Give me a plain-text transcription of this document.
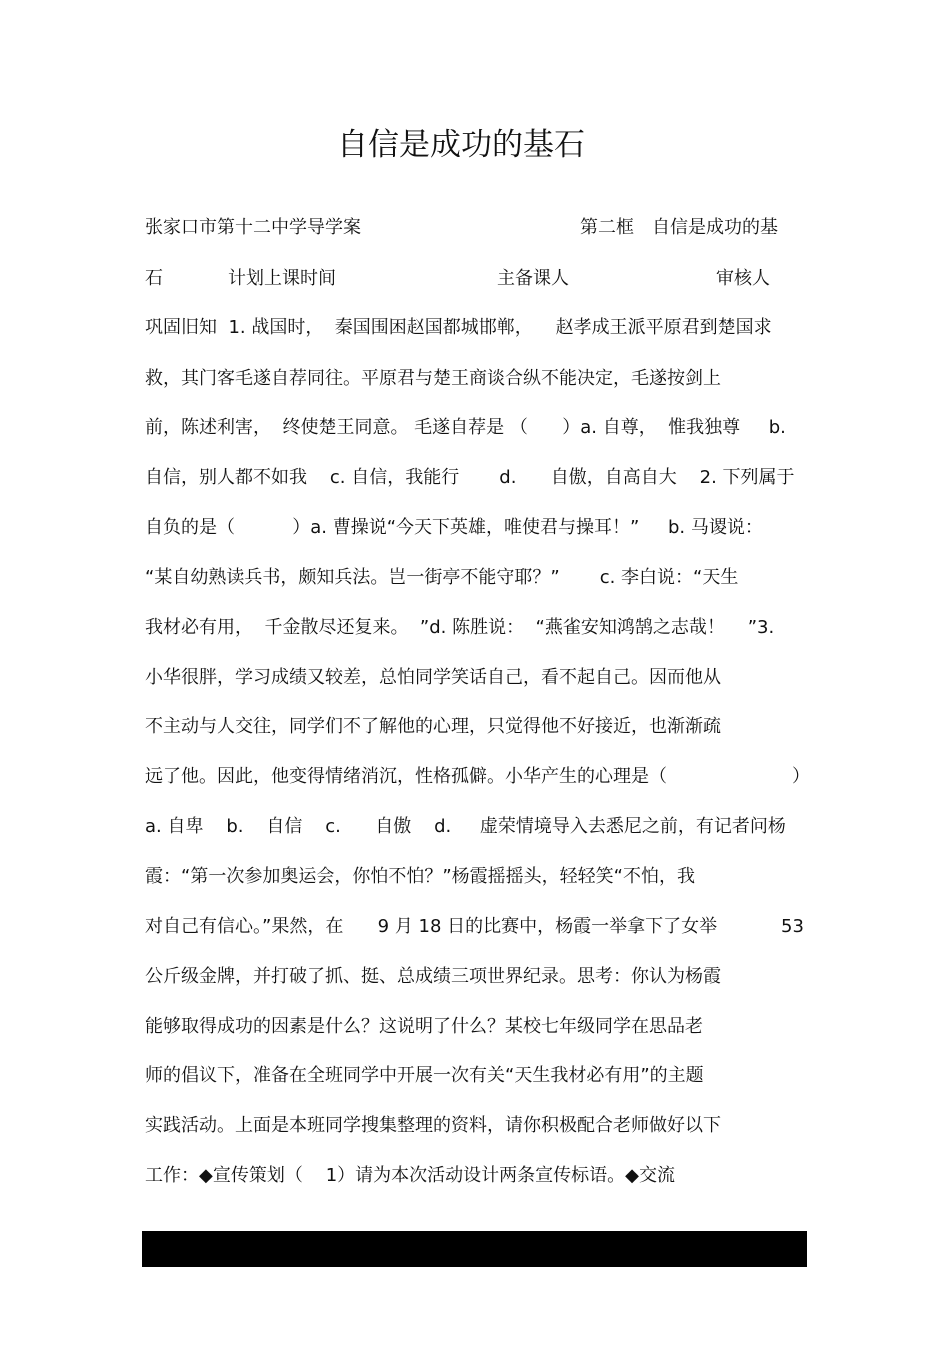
自信是成功的基石
张家口市第十二中学导学案	第二框　自信是成功的基
石	计划上课时间	主备课人	审核人
巩固旧知  1. 战国时，  秦国围困赵国都城邯郸，    赵孝成王派平原君到楚国求
救，其门客毛遂自荐同往。平原君与楚王商谈合纵不能决定，毛遂按剑上
前，陈述利害，  终使楚王同意。 毛遂自荐是 （      ）a. 自尊，  惟我独尊     b.
自信，别人都不如我    c. 自信，我能行       d.      自傲，自高自大    2. 下列属于
自负的是（          ）a. 曹操说“今天下英雄，唯使君与操耳！”     b. 马谡说：
“某自幼熟读兵书，颇知兵法。岂一街亭不能守耶？”       c. 李白说：“天生
我材必有用，  千金散尽还复来。  ”d. 陈胜说：  “燕雀安知鸿鹄之志哉！    ”3.
小华很胖，学习成绩又较差，总怕同学笑话自己，看不起自己。因而他从
不主动与人交往，同学们不了解他的心理，只觉得他不好接近，也渐渐疏
远了他。因此，他变得情绪消沉，性格孤僻。小华产生的心理是（	）
a. 自卑    b.    自信    c.      自傲    d.     虚荣情境导入去悉尼之前，有记者问杨
霞：“第一次参加奥运会，你怕不怕？”杨霞摇摇头，轻轻笑“不怕，我
对自己有信心。”果然，在      9 月 18 日的比赛中，杨霞一举拿下了女举	53
公斤级金牌，并打破了抓、挺、总成绩三项世界纪录。思考：你认为杨霞
能够取得成功的因素是什么？这说明了什么？某校七年级同学在思品老
师的倡议下，准备在全班同学中开展一次有关“天生我材必有用”的主题
实践活动。上面是本班同学搜集整理的资料，请你积极配合老师做好以下
工作：◆宣传策划（    1）请为本次活动设计两条宣传标语。◆交流
